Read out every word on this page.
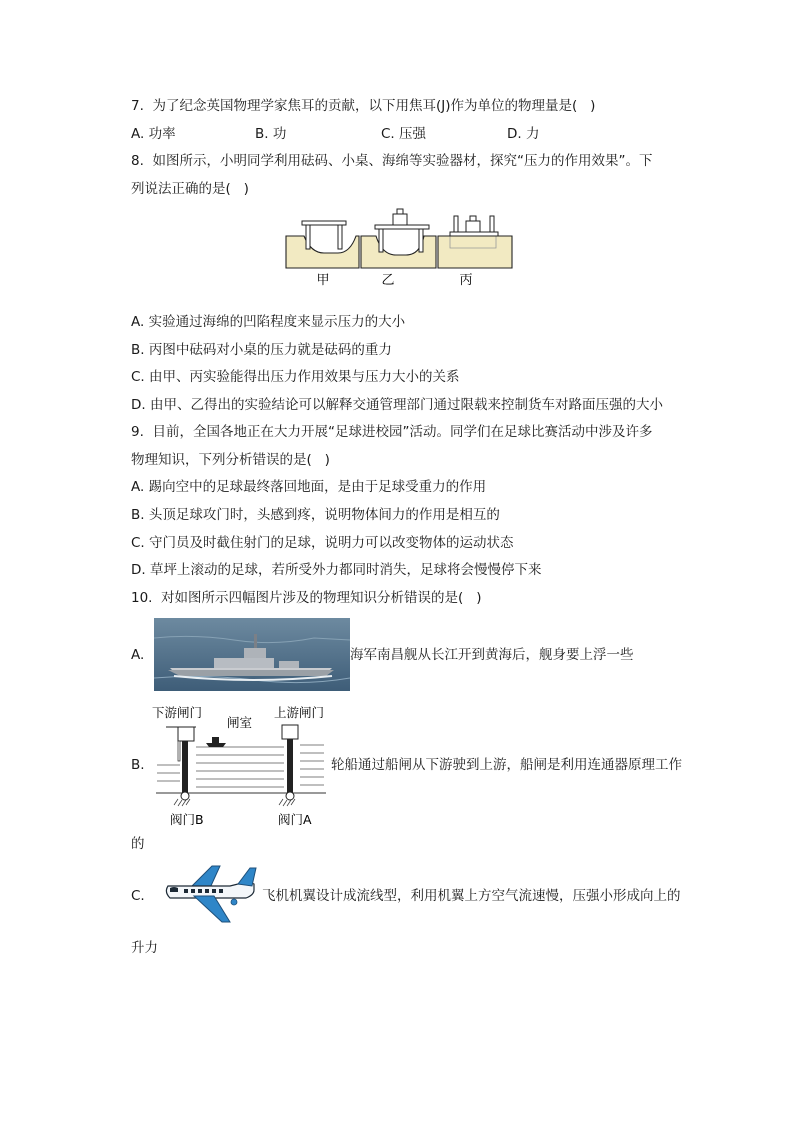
7.  为了纪念英国物理学家焦耳的贡献，以下用焦耳(J)作为单位的物理量是(   )
A. 功率	B. 功	C. 压强	D. 力
8.  如图所示，小明同学利用砝码、小桌、海绵等实验器材，探究“压力的作用效果”。下
列说法正确的是(   )
甲	乙	丙
A. 实验通过海绵的凹陷程度来显示压力的大小
B. 丙图中砝码对小桌的压力就是砝码的重力
C. 由甲、丙实验能得出压力作用效果与压力大小的关系
D. 由甲、乙得出的实验结论可以解释交通管理部门通过限载来控制货车对路面压强的大小
9.  目前，全国各地正在大力开展“足球进校园”活动。同学们在足球比赛活动中涉及许多
物理知识，下列分析错误的是(   )
A. 踢向空中的足球最终落回地面，是由于足球受重力的作用
B. 头顶足球攻门时，头感到疼，说明物体间力的作用是相互的
C. 守门员及时截住射门的足球，说明力可以改变物体的运动状态
D. 草坪上滚动的足球，若所受外力都同时消失，足球将会慢慢停下来
10.  对如图所示四幅图片涉及的物理知识分析错误的是(   )
A.	海军南昌舰从长江开到黄海后，舰身要上浮一些
B.
下游闸门
闸室
上游闸门
阀门B	阀门A
轮船通过船闸从下游驶到上游，船闸是利用连通器原理工作
的
C.	飞机机翼设计成流线型，利用机翼上方空气流速慢，压强小形成向上的
升力
